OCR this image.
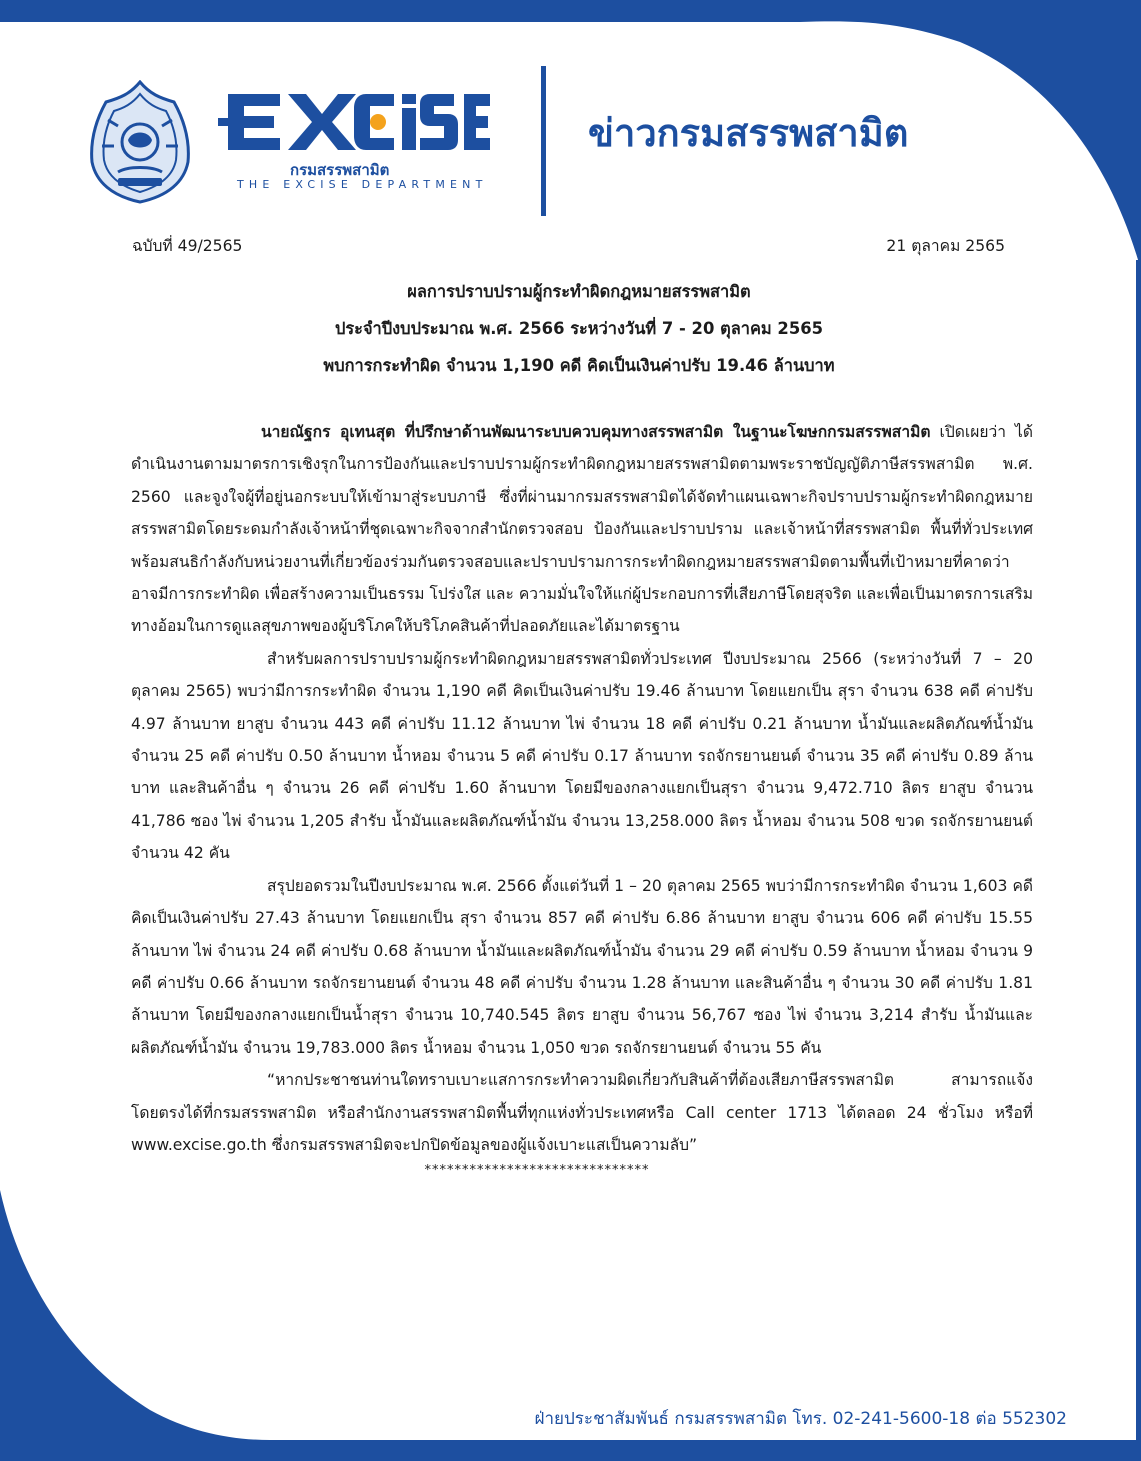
กรมสรรพสามิต
THE EXCISE DEPARTMENT
ข่าวกรมสรรพสามิต
ฉบับที่ 49/2565	21 ตุลาคม 2565
ผลการปราบปรามผู้กระทำผิดกฎหมายสรรพสามิต
ประจำปีงบประมาณ พ.ศ. 2566 ระหว่างวันที่ 7 - 20 ตุลาคม 2565
พบการกระทำผิด จำนวน 1,190 คดี คิดเป็นเงินค่าปรับ 19.46 ล้านบาท

นายณัฐกร อุเทนสุต ที่ปรึกษาด้านพัฒนาระบบควบคุมทางสรรพสามิต ในฐานะโฆษกกรมสรรพสามิต เปิดเผยว่า ได้ดำเนินงานตามมาตรการเชิงรุกในการป้องกันและปราบปรามผู้กระทำผิดกฎหมายสรรพสามิตตามพระราชบัญญัติภาษีสรรพสามิต พ.ศ. 2560 และจูงใจผู้ที่อยู่นอกระบบให้เข้ามาสู่ระบบภาษี ซึ่งที่ผ่านมากรมสรรพสามิตได้จัดทำแผนเฉพาะกิจปราบปรามผู้กระทำผิดกฎหมายสรรพสามิตโดยระดมกำลังเจ้าหน้าที่ชุดเฉพาะกิจจากสำนักตรวจสอบ ป้องกันและปราบปราม และเจ้าหน้าที่สรรพสามิต พื้นที่ทั่วประเทศพร้อมสนธิกำลังกับหน่วยงานที่เกี่ยวข้องร่วมกันตรวจสอบและปราบปรามการกระทำผิดกฎหมายสรรพสามิตตามพื้นที่เป้าหมายที่คาดว่าอาจมีการกระทำผิด เพื่อสร้างความเป็นธรรม โปร่งใส และ ความมั่นใจให้แก่ผู้ประกอบการที่เสียภาษีโดยสุจริต และเพื่อเป็นมาตรการเสริมทางอ้อมในการดูแลสุขภาพของผู้บริโภคให้บริโภคสินค้าที่ปลอดภัยและได้มาตรฐาน

สำหรับผลการปราบปรามผู้กระทำผิดกฎหมายสรรพสามิตทั่วประเทศ ปีงบประมาณ 2566 (ระหว่างวันที่ 7 – 20 ตุลาคม 2565) พบว่ามีการกระทำผิด จำนวน 1,190 คดี คิดเป็นเงินค่าปรับ 19.46 ล้านบาท โดยแยกเป็น สุรา จำนวน 638 คดี ค่าปรับ 4.97 ล้านบาท ยาสูบ จำนวน 443 คดี ค่าปรับ 11.12 ล้านบาท ไพ่ จำนวน 18 คดี ค่าปรับ 0.21 ล้านบาท น้ำมันและผลิตภัณฑ์น้ำมัน จำนวน 25 คดี ค่าปรับ 0.50 ล้านบาท น้ำหอม จำนวน 5 คดี ค่าปรับ 0.17 ล้านบาท รถจักรยานยนต์ จำนวน 35 คดี ค่าปรับ 0.89 ล้านบาท และสินค้าอื่น ๆ จำนวน 26 คดี ค่าปรับ 1.60 ล้านบาท โดยมีของกลางแยกเป็นสุรา จำนวน 9,472.710 ลิตร ยาสูบ จำนวน 41,786 ซอง ไพ่ จำนวน 1,205 สำรับ น้ำมันและผลิตภัณฑ์น้ำมัน จำนวน 13,258.000 ลิตร น้ำหอม จำนวน 508 ขวด รถจักรยานยนต์ จำนวน 42 คัน

สรุปยอดรวมในปีงบประมาณ พ.ศ. 2566 ตั้งแต่วันที่ 1 – 20 ตุลาคม 2565 พบว่ามีการกระทำผิด จำนวน 1,603 คดี คิดเป็นเงินค่าปรับ 27.43 ล้านบาท โดยแยกเป็น สุรา จำนวน 857 คดี ค่าปรับ 6.86 ล้านบาท ยาสูบ จำนวน 606 คดี ค่าปรับ 15.55 ล้านบาท ไพ่ จำนวน 24 คดี ค่าปรับ 0.68 ล้านบาท น้ำมันและผลิตภัณฑ์น้ำมัน จำนวน 29 คดี ค่าปรับ 0.59 ล้านบาท น้ำหอม จำนวน 9 คดี ค่าปรับ 0.66 ล้านบาท รถจักรยานยนต์ จำนวน 48 คดี ค่าปรับ จำนวน 1.28 ล้านบาท และสินค้าอื่น ๆ จำนวน 30 คดี ค่าปรับ 1.81 ล้านบาท โดยมีของกลางแยกเป็นน้ำสุรา จำนวน 10,740.545 ลิตร ยาสูบ จำนวน 56,767 ซอง ไพ่ จำนวน 3,214 สำรับ น้ำมันและผลิตภัณฑ์น้ำมัน จำนวน 19,783.000 ลิตร น้ำหอม จำนวน 1,050 ขวด รถจักรยานยนต์ จำนวน 55 คัน

“หากประชาชนท่านใดทราบเบาะแสการกระทำความผิดเกี่ยวกับสินค้าที่ต้องเสียภาษีสรรพสามิต สามารถแจ้งโดยตรงได้ที่กรมสรรพสามิต หรือสำนักงานสรรพสามิตพื้นที่ทุกแห่งทั่วประเทศหรือ Call center 1713 ได้ตลอด 24 ชั่วโมง หรือที่ www.excise.go.th ซึ่งกรมสรรพสามิตจะปกปิดข้อมูลของผู้แจ้งเบาะแสเป็นความลับ”

******************************
ฝ่ายประชาสัมพันธ์ กรมสรรพสามิต โทร. 02-241-5600-18 ต่อ 552302
